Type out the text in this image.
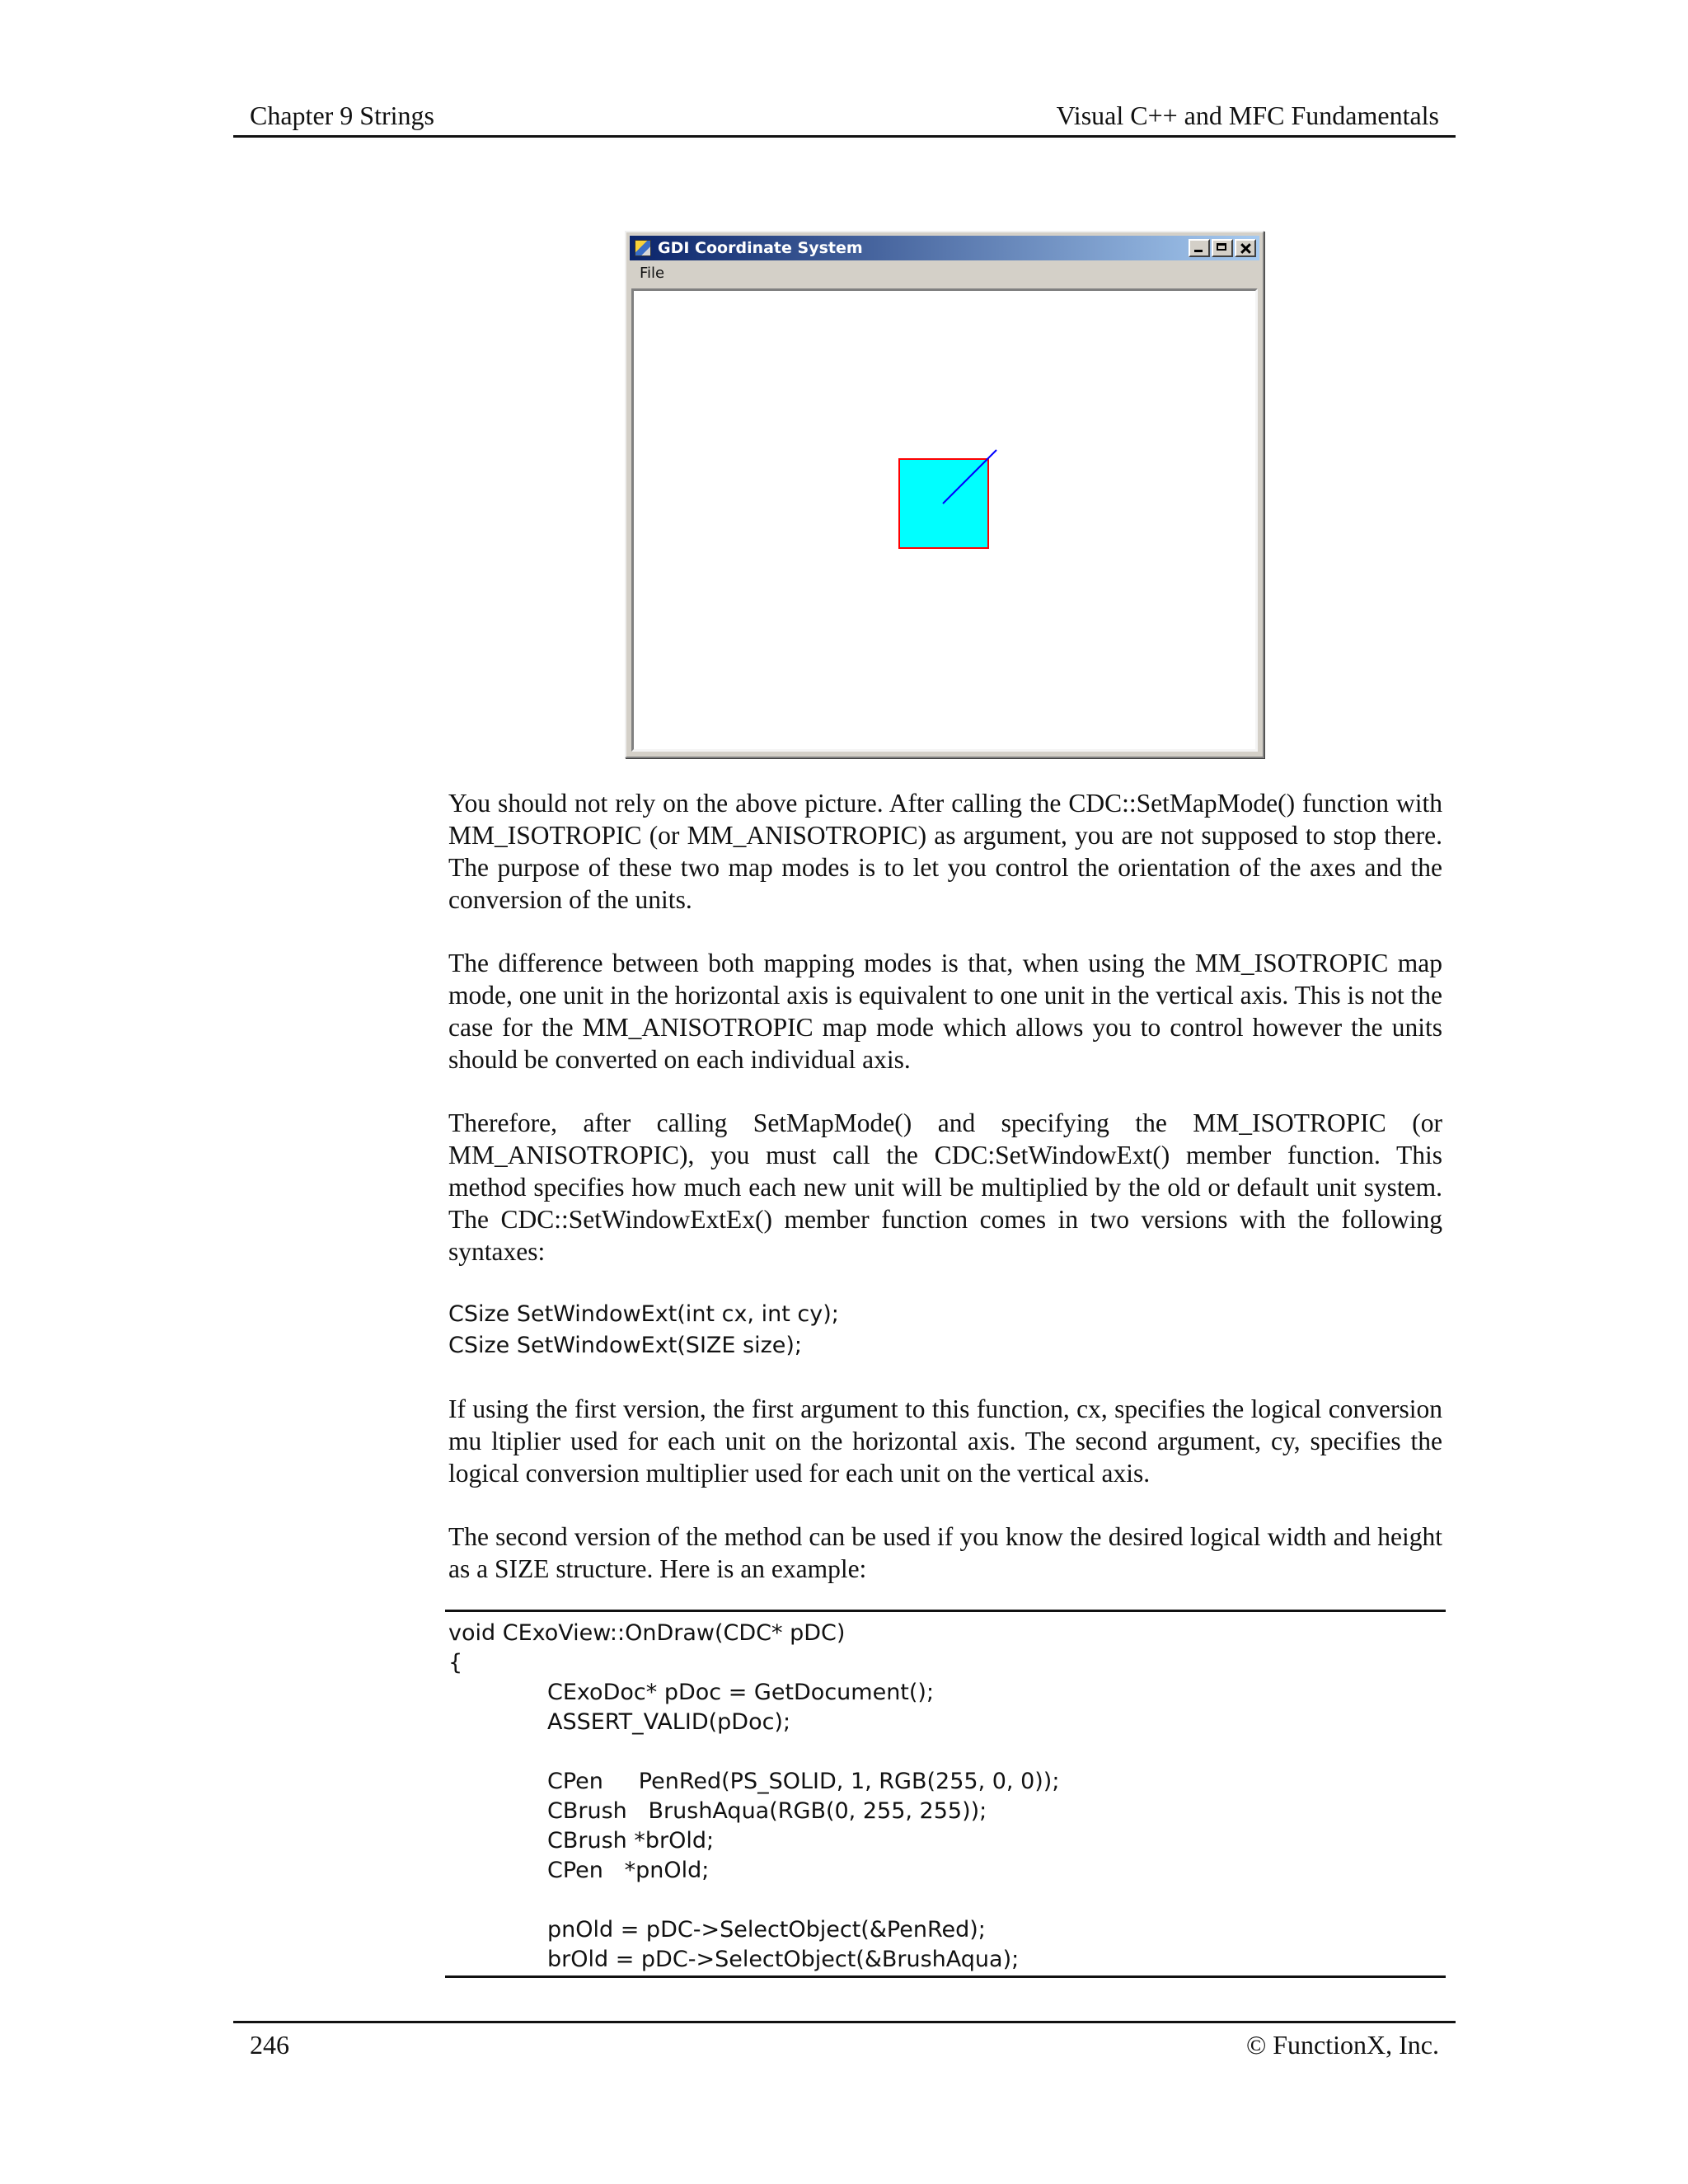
Chapter 9 Strings	Visual C++ and MFC Fundamentals
GDI Coordinate System
File

You should not rely on the above picture. After calling the CDC::SetMapMode() function with MM_ISOTROPIC (or MM_ANISOTROPIC) as argument, you are not supposed to stop there. The purpose of these two map modes is to let you control the orientation of the axes and the conversion of the units.

The difference between both mapping modes is that, when using the MM_ISOTROPIC map mode, one unit in the horizontal axis is equivalent to one unit in the vertical axis. This is not the case for the MM_ANISOTROPIC map mode which allows you to control however the units should be converted on each individual axis.

Therefore, after calling SetMapMode() and specifying the MM_ISOTROPIC (or MM_ANISOTROPIC), you must call the CDC:SetWindowExt() member function. This method specifies how much each new unit will be multiplied by the old or default unit system. The CDC::SetWindowExtEx() member function comes in two versions with the following syntaxes:

CSize SetWindowExt(int cx, int cy);
CSize SetWindowExt(SIZE size);

If using the first version, the first argument to this function, cx, specifies the logical conversion mu ltiplier used for each unit on the horizontal axis. The second argument, cy, specifies the logical conversion multiplier used for each unit on the vertical axis.

The second version of the method can be used if you know the desired logical width and height as a SIZE structure. Here is an example:

void CExoView::OnDraw(CDC* pDC)
{
CExoDoc* pDoc = GetDocument();
ASSERT_VALID(pDoc);
CPen     PenRed(PS_SOLID, 1, RGB(255, 0, 0));
CBrush   BrushAqua(RGB(0, 255, 255));
CBrush *brOld;
CPen   *pnOld;
pnOld = pDC->SelectObject(&PenRed);
brOld = pDC->SelectObject(&BrushAqua);
246	© FunctionX, Inc.
